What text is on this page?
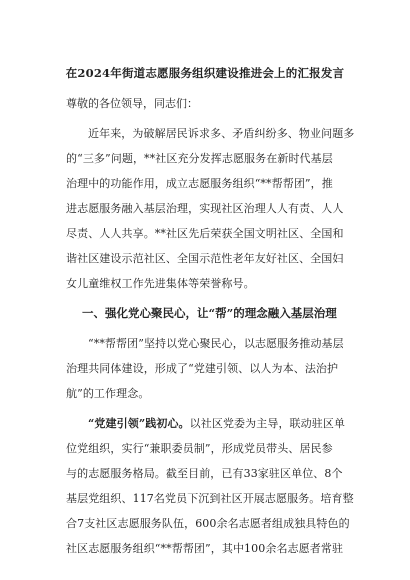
在2024年街道志愿服务组织建设推进会上的汇报发言
尊敬的各位领导，同志们：
近年来，为破解居民诉求多、矛盾纠纷多、物业问题多
的“三多”问题，**社区充分发挥志愿服务在新时代基层
治理中的功能作用，成立志愿服务组织“**帮帮团”，推
进志愿服务融入基层治理，实现社区治理人人有责、人人
尽责、人人共享。**社区先后荣获全国文明社区、全国和
谐社区建设示范社区、全国示范性老年友好社区、全国妇
女儿童维权工作先进集体等荣誉称号。
一、强化党心聚民心，让“帮”的理念融入基层治理
“**帮帮团”坚持以党心聚民心，以志愿服务推动基层
治理共同体建设，形成了“党建引领、以人为本、法治护
航”的工作理念。
“党建引领”践初心。以社区党委为主导，联动驻区单
位党组织，实行“兼职委员制”，形成党员带头、居民参
与的志愿服务格局。截至目前，已有33家驻区单位、8个
基层党组织、117名党员下沉到社区开展志愿服务。培育整
合7支社区志愿服务队伍，600余名志愿者组成独具特色的
社区志愿服务组织“**帮帮团”，其中100余名志愿者常驻
